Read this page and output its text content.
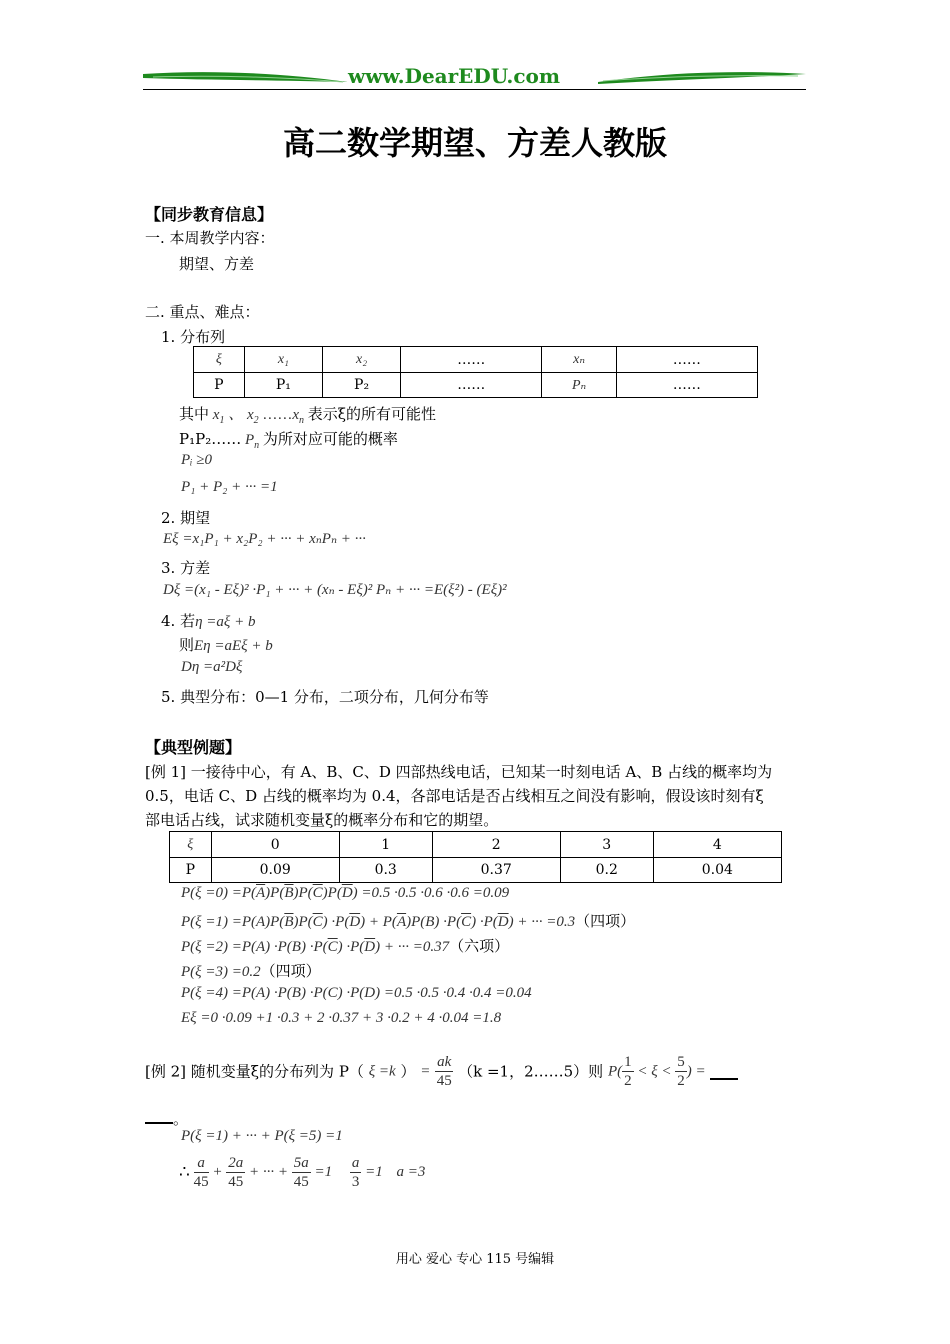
www.DearEDU.com
高二数学期望、方差人教版
【同步教育信息】
一. 本周教学内容：
期望、方差
二. 重点、难点：
1. 分布列
ξ	x₁	x₂	……	xₙ	……
P	P₁	P₂	……	Pₙ	……
其中 $x_1$ 、 $x_2$ $\dots\dots x_n$ 表示ξ的所有可能性
P₁P₂…… $P_n$ 为所对应可能的概率
Pᵢ ≥0
P₁ + P₂ + ··· =1
2. 期望
Eξ =x₁P₁ + x₂P₂ + ··· + xₙPₙ + ···
3. 方差
Dξ =(x₁ - Eξ)² ·P₁ + ··· + (xₙ - Eξ)² Pₙ + ··· =E(ξ²) - (Eξ)²
4. 若η =aξ + b
则Eη =aEξ + b
Dη =a²Dξ
5. 典型分布：0—1 分布，二项分布，几何分布等
【典型例题】
[例 1] 一接待中心，有 A、B、C、D 四部热线电话，已知某一时刻电话 A、B 占线的概率均为
0.5，电话 C、D 占线的概率均为 0.4，各部电话是否占线相互之间没有影响，假设该时刻有ξ
部电话占线，试求随机变量ξ的概率分布和它的期望。
ξ	0	1	2	3	4
P	0.09	0.3	0.37	0.2	0.04
$P(\xi =0) =P(\overline{A})P(\overline{B})P(\overline{C})P(\overline{D}) =0.5 \cdot 0.5 \cdot 0.6 \cdot 0.6 =0.09$
$P(\xi =1) =P(A)P(\overline{B})P(\overline{C}) \cdot P(\overline{D}) + P(\overline{A})P(B) \cdot P(\overline{C}) \cdot P(\overline{D})$ + ··· =0.3（四项）
$P(\xi =2) =P(A) \cdot P(B) \cdot P(\overline{C}) \cdot P(\overline{D})$ + ··· =0.37（六项）
P(ξ =3) =0.2（四项）
P(ξ =4) =P(A) ·P(B) ·P(C) ·P(D) =0.5 ·0.5 ·0.4 ·0.4 =0.04
Eξ =0 ·0.09 +1 ·0.3 + 2 ·0.37 + 3 ·0.2 + 4 ·0.04 =1.8
[例 2] 随机变量ξ的分布列为 P（ ξ =k ） = $\frac{ak}{45} (k =1$，2……5）则 $P( \frac{1}{2} < \xi < \frac{5}{2}$ ) =
。
P(ξ =1) + ··· + P(ξ =5) =1
∴ $\frac{a}{45} + \frac{2a}{45}$ + ··· + $\frac{5a}{45} =1 \frac{a}{3} =1$ a =3
用心 爱心 专心 115 号编辑
